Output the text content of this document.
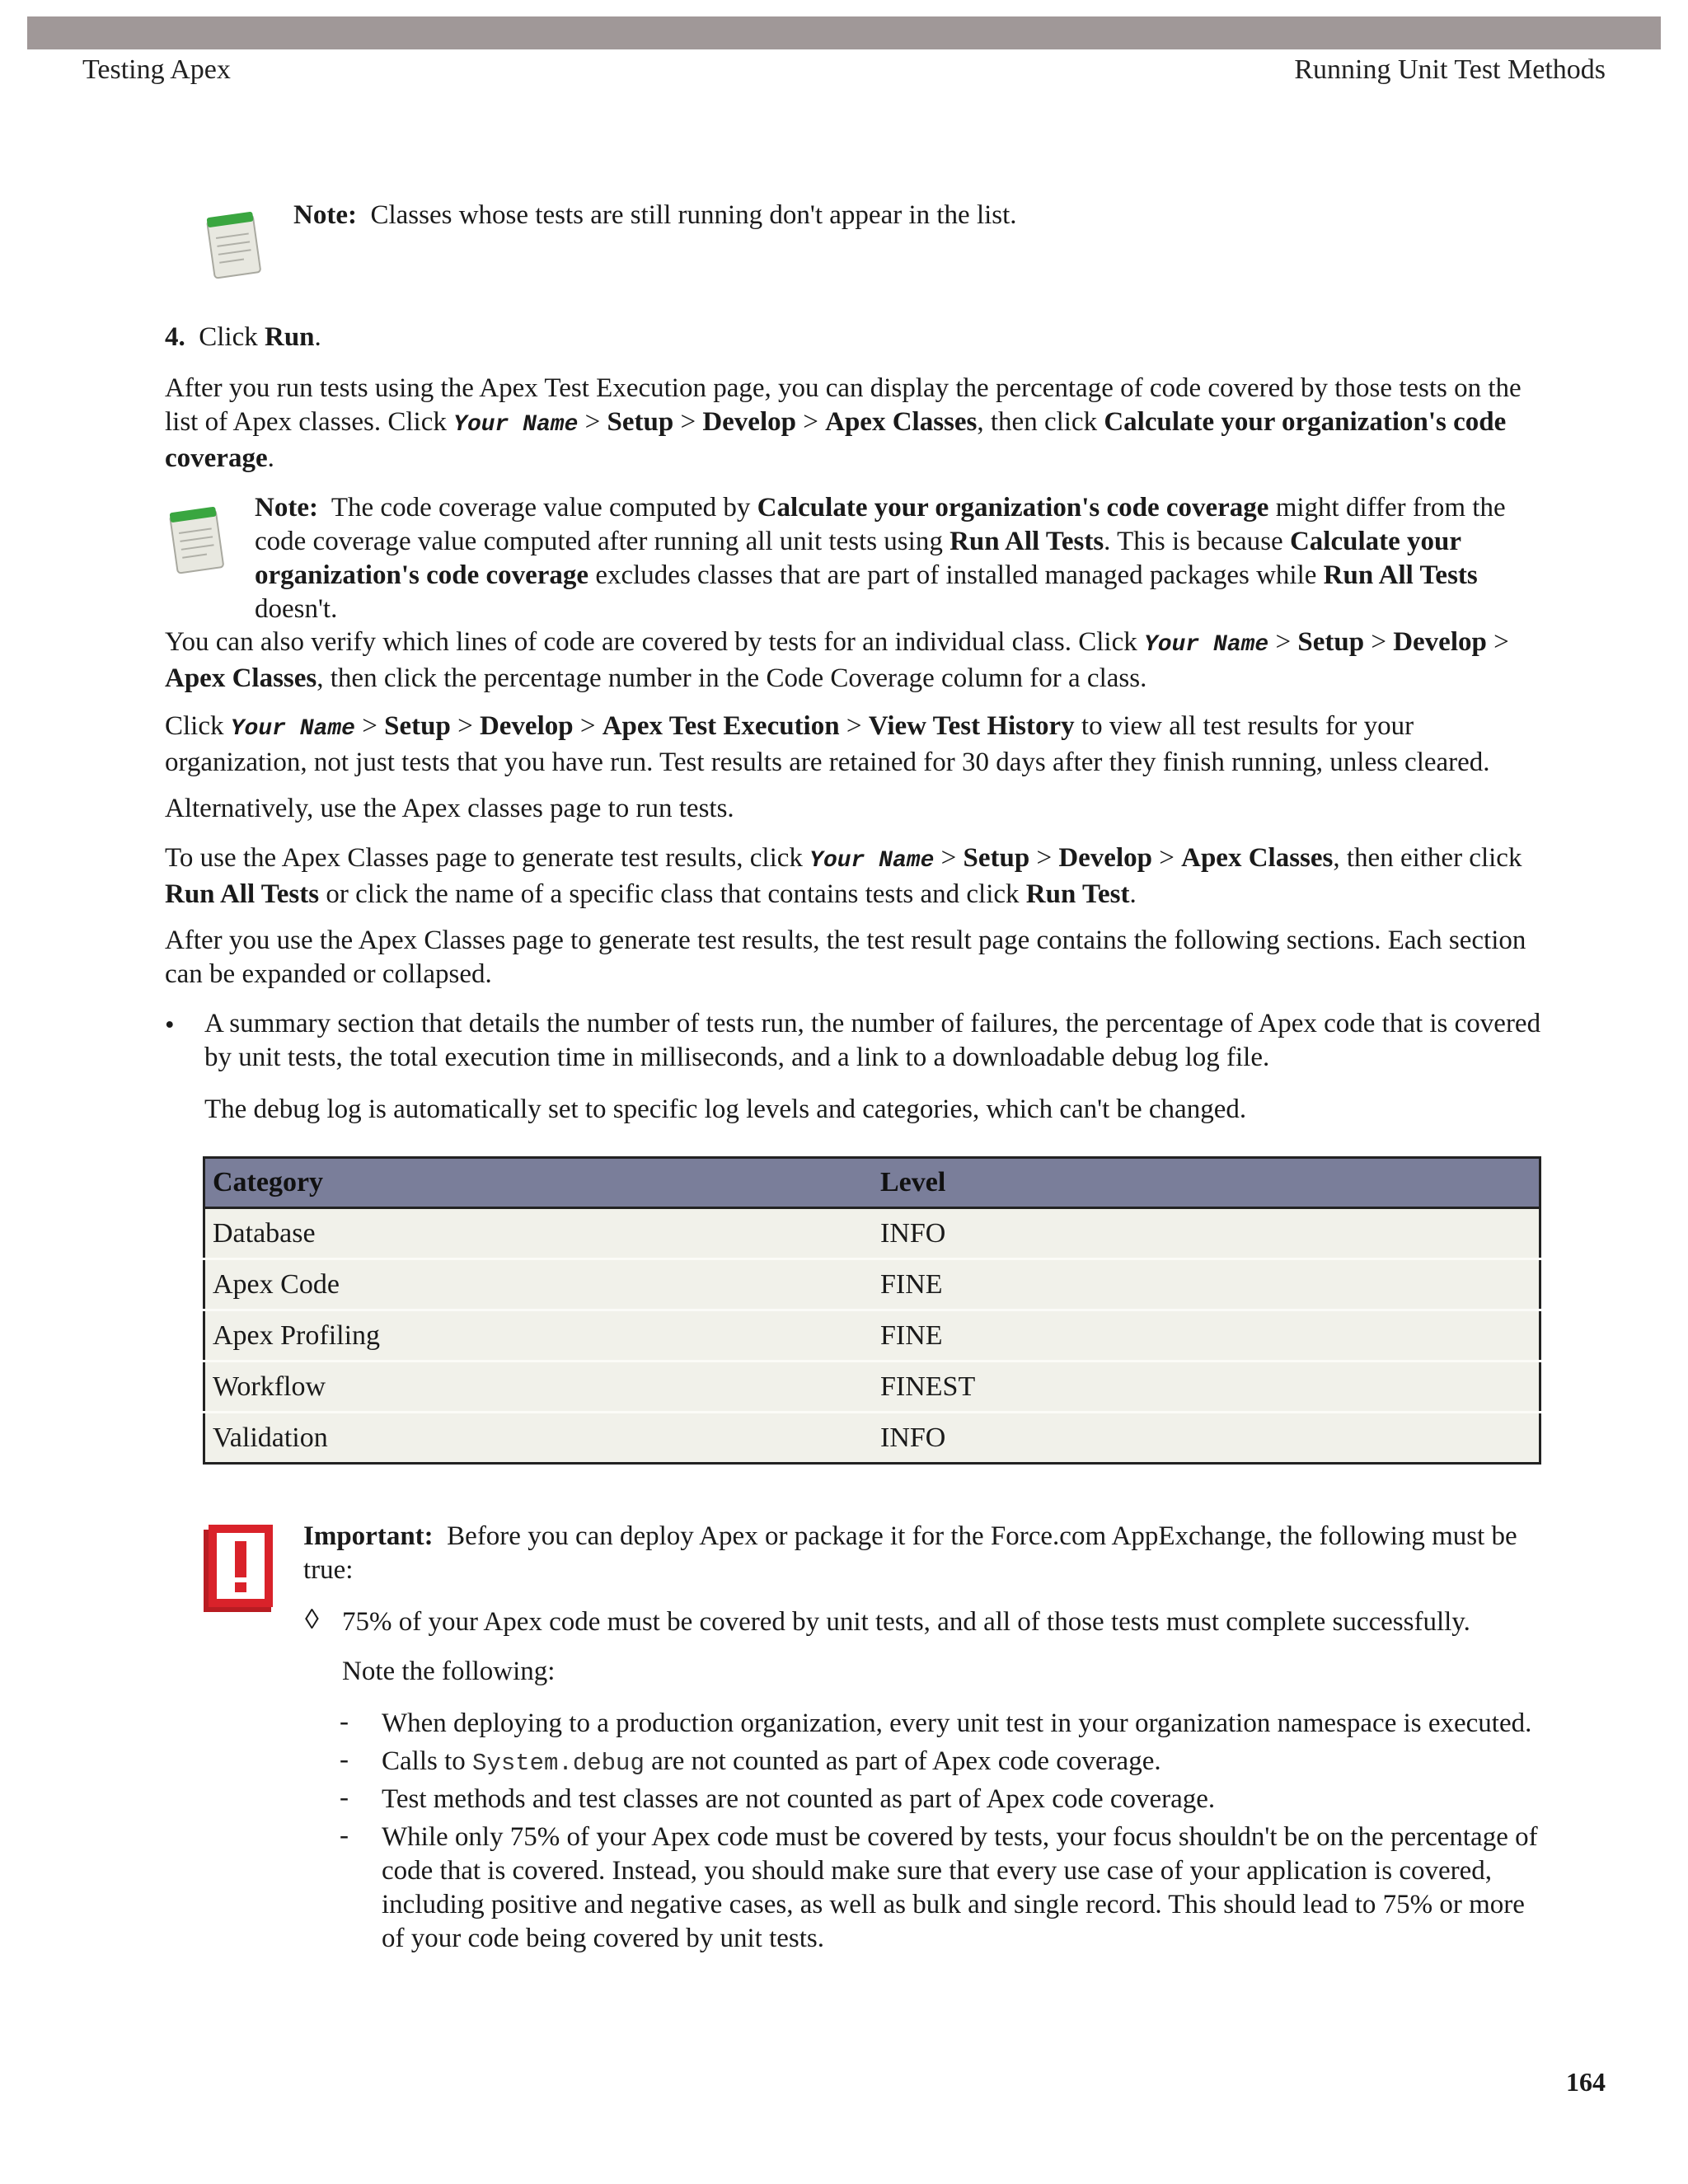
Testing Apex	Running Unit Test Methods

Note: Classes whose tests are still running don't appear in the list.

4. Click Run.

After you run tests using the Apex Test Execution page, you can display the percentage of code covered by those tests on the list of Apex classes. Click Your Name > Setup > Develop > Apex Classes, then click Calculate your organization's code coverage.

Note: The code coverage value computed by Calculate your organization's code coverage might differ from the code coverage value computed after running all unit tests using Run All Tests. This is because Calculate your organization's code coverage excludes classes that are part of installed managed packages while Run All Tests doesn't.

You can also verify which lines of code are covered by tests for an individual class. Click Your Name > Setup > Develop > Apex Classes, then click the percentage number in the Code Coverage column for a class.

Click Your Name > Setup > Develop > Apex Test Execution > View Test History to view all test results for your organization, not just tests that you have run. Test results are retained for 30 days after they finish running, unless cleared.

Alternatively, use the Apex classes page to run tests.

To use the Apex Classes page to generate test results, click Your Name > Setup > Develop > Apex Classes, then either click Run All Tests or click the name of a specific class that contains tests and click Run Test.

After you use the Apex Classes page to generate test results, the test result page contains the following sections. Each section can be expanded or collapsed.

• A summary section that details the number of tests run, the number of failures, the percentage of Apex code that is covered by unit tests, the total execution time in milliseconds, and a link to a downloadable debug log file.

The debug log is automatically set to specific log levels and categories, which can't be changed.

Category	Level
Database	INFO
Apex Code	FINE
Apex Profiling	FINE
Workflow	FINEST
Validation	INFO

Important: Before you can deploy Apex or package it for the Force.com AppExchange, the following must be true:

◊ 75% of your Apex code must be covered by unit tests, and all of those tests must complete successfully.

Note the following:

- When deploying to a production organization, every unit test in your organization namespace is executed.

- Calls to System.debug are not counted as part of Apex code coverage.

- Test methods and test classes are not counted as part of Apex code coverage.

- While only 75% of your Apex code must be covered by tests, your focus shouldn't be on the percentage of code that is covered. Instead, you should make sure that every use case of your application is covered, including positive and negative cases, as well as bulk and single record. This should lead to 75% or more of your code being covered by unit tests.

164
